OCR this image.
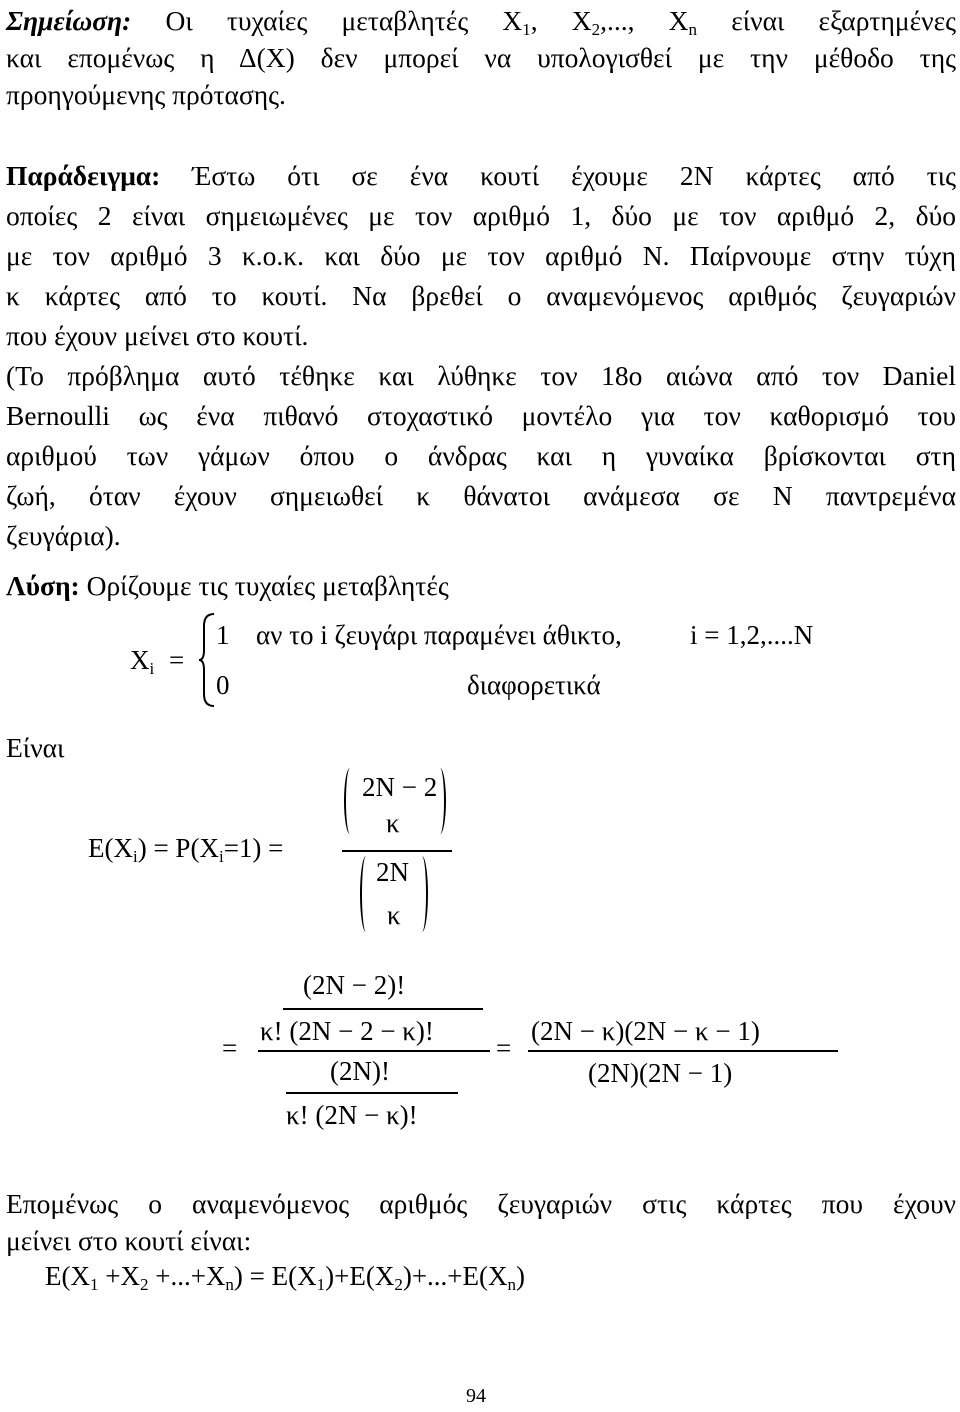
Σημείωση: Οι τυχαίες μεταβλητές $X_1$, $X_2$,..., $X_n$ είναι εξαρτημένες
και επομένως η Δ(Χ) δεν μπορεί να υπολογισθεί με την μέθοδο της
προηγούμενης πρότασης.
Παράδειγμα: Έστω ότι σε ένα κουτί έχουμε 2Ν κάρτες από τις
οποίες 2 είναι σημειωμένες με τον αριθμό 1, δύο με τον αριθμό 2, δύο
με τον αριθμό 3 κ.ο.κ. και δύο με τον αριθμό Ν. Παίρνουμε στην τύχη
κ κάρτες από το κουτί. Να βρεθεί ο αναμενόμενος αριθμός ζευγαριών
που έχουν μείνει στο κουτί.
(Το πρόβλημα αυτό τέθηκε και λύθηκε τον 18ο αιώνα από τον Daniel
Bernoulli ως ένα πιθανό στοχαστικό μοντέλο για τον καθορισμό του
αριθμού των γάμων όπου ο άνδρας και η γυναίκα βρίσκονται στη
ζωή, όταν έχουν σημειωθεί κ θάνατοι ανάμεσα σε Ν παντρεμένα
ζευγάρια).
Λύση: Ορίζουμε τις τυχαίες μεταβλητές
$X_i$ =
1 αν το i ζευγάρι παραμένει άθικτο,	i = 1,2,....N
0	διαφορετικά
Είναι
$E(X_i) = P(X_i=1)$ =
2N − 2
κ
2N
κ
=
(2N − 2)!
κ! (2N − 2 − κ)!
(2N)!
κ! (2N − κ)!
=
(2N − κ)(2N − κ − 1)
(2N)(2N − 1)
Επομένως ο αναμενόμενος αριθμός ζευγαριών στις κάρτες που έχουν
μείνει στο κουτί είναι:
$E(X_1 +X_2 +...+X_n) = E(X_1)+E(X_2)+...+E(X_n)$
94
